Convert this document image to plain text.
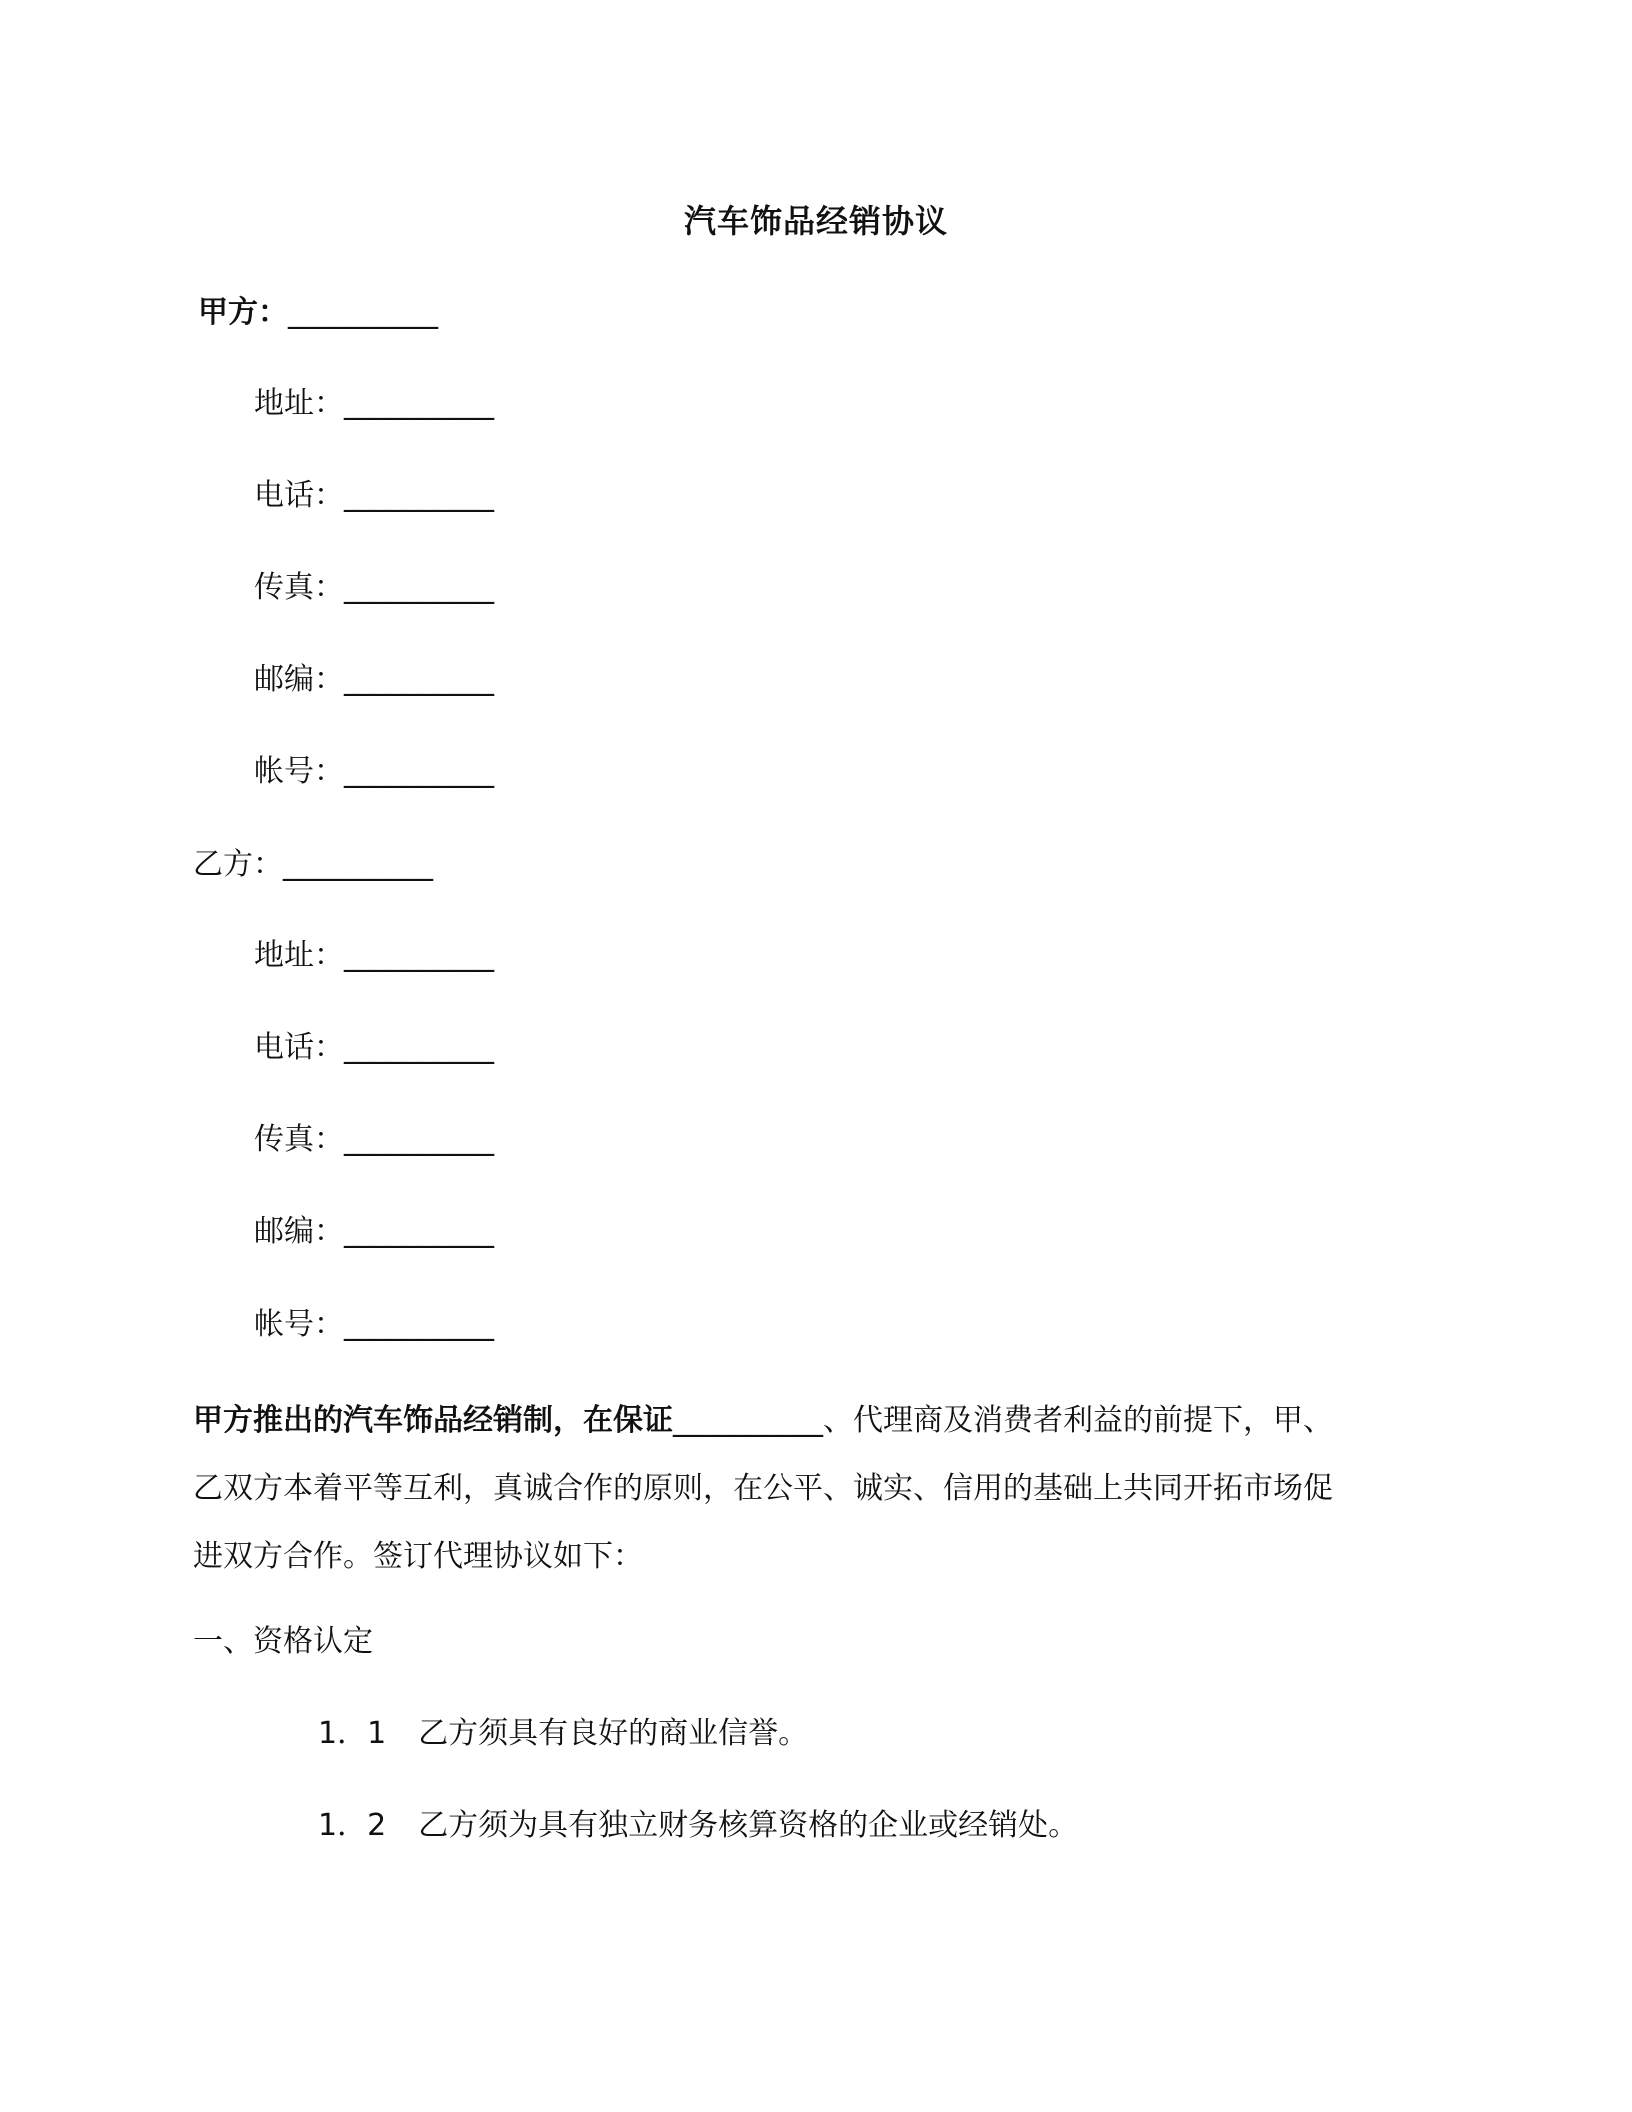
汽车饰品经销协议
甲方：__________
地址：__________
电话：__________
传真：__________
邮编：__________
帐号：__________
乙方：__________
地址：__________
电话：__________
传真：__________
邮编：__________
帐号：__________
甲方推出的汽车饰品经销制，在保证__________、代理商及消费者利益的前提下，甲、
乙双方本着平等互利，真诚合作的原则，在公平、诚实、信用的基础上共同开拓市场促
进双方合作。签订代理协议如下：
一、资格认定
1．1 乙方须具有良好的商业信誉。
1．2 乙方须为具有独立财务核算资格的企业或经销处。
